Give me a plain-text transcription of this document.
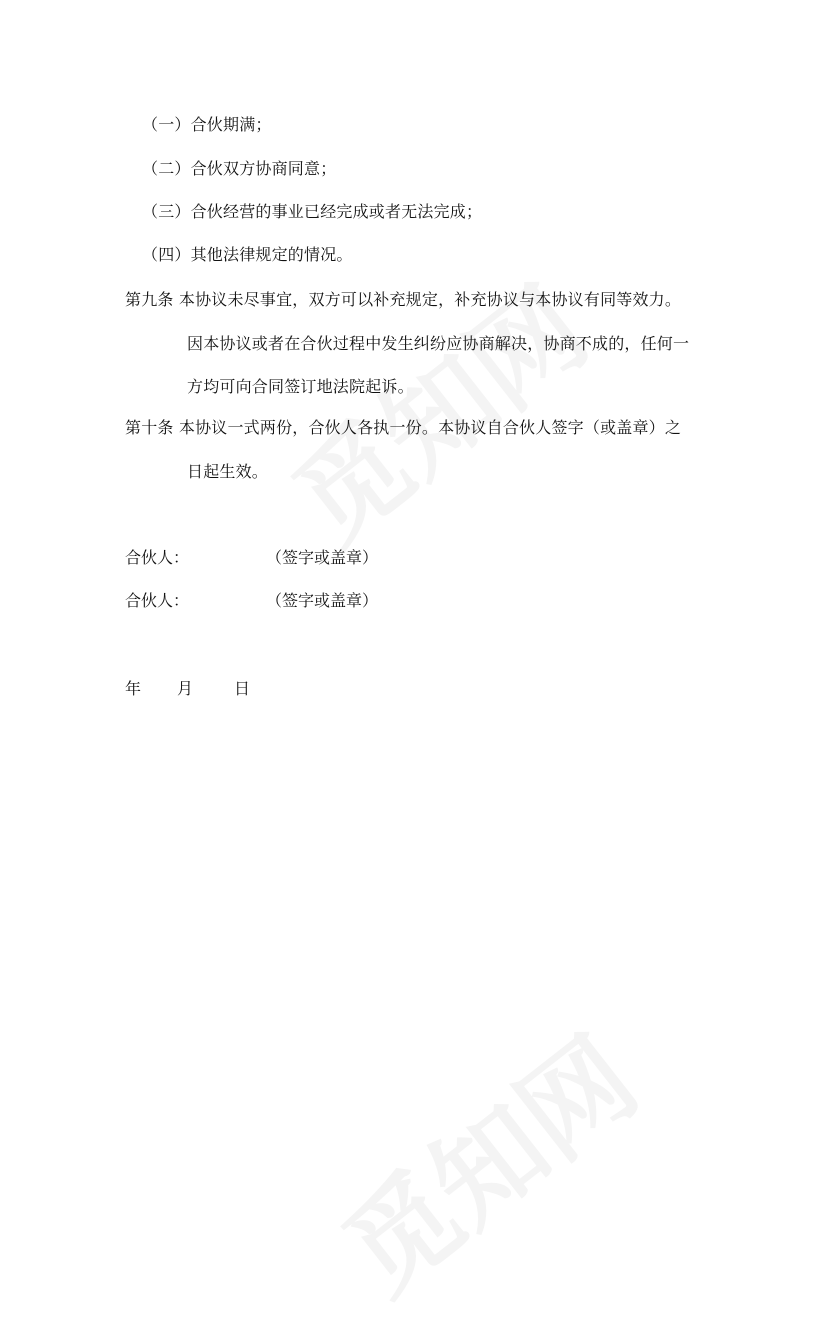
（一）合伙期满；
（二）合伙双方协商同意；
（三）合伙经营的事业已经完成或者无法完成；
（四）其他法律规定的情况。
第九条 本协议未尽事宜，双方可以补充规定，补充协议与本协议有同等效力。
因本协议或者在合伙过程中发生纠纷应协商解决，协商不成的，任何一
方均可向合同签订地法院起诉。
第十条 本协议一式两份，合伙人各执一份。本协议自合伙人签字（或盖章）之
日起生效。
合伙人：	（签字或盖章）
合伙人：	（签字或盖章）
年 月	日
